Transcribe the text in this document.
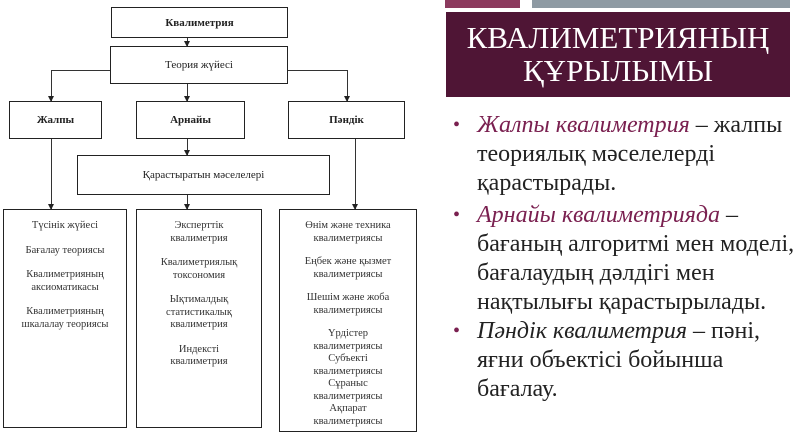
Квалиметрия
Теория жүйесі
Жалпы	Арнайы	Пәндік
Қарастыратын мәселелері
Түсінік жүйесі
Бағалау теориясы
Квалиметрияның аксиоматикасы
Квалиметрияның шкалалау теориясы
Эксперттік квалиметрия
Квалиметриялық токсономия
Ықтималдық статистикалық квалиметрия
Индексті квалиметрия
Өнім және техника квалиметриясы
Еңбек және қызмет квалиметриясы
Шешім және жоба квалиметриясы
Үрдістер квалиметриясы
Субъекті квалиметриясы
Сұраныс квалиметриясы
Ақпарат квалиметриясы
КВАЛИМЕТРИЯНЫҢ
ҚҰРЫЛЫМЫ
• Жалпы квалиметрия – жалпы теориялық мәселелерді қарастырады.
• Арнайы квалиметрияда – бағаның алгоритмі мен моделі, бағалаудың дәлдігі мен нақтылығы қарастырылады.
• Пәндік квалиметрия – пәні, яғни объектісі бойынша бағалау.
